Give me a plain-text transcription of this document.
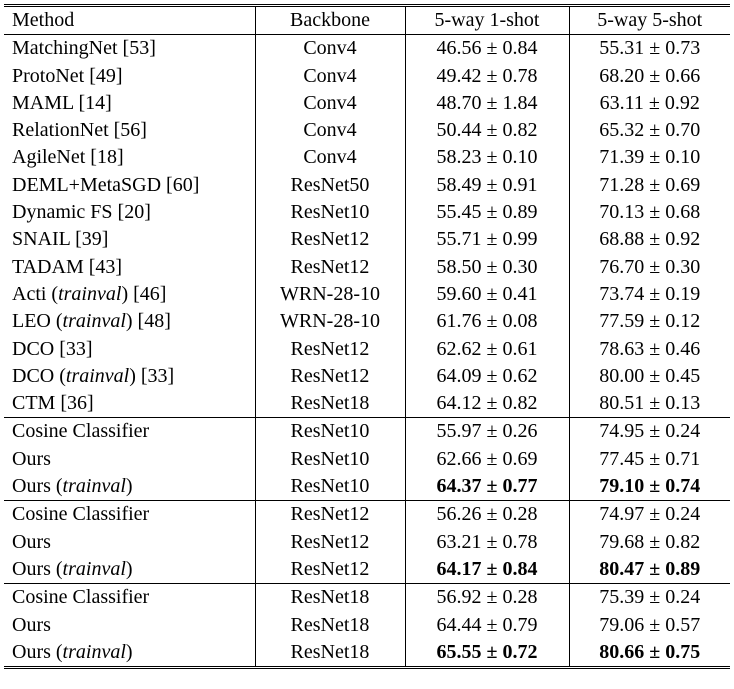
Method	Backbone	5-way 1-shot	5-way 5-shot
MatchingNet [53]	Conv4	46.56 ± 0.84	55.31 ± 0.73
ProtoNet [49]	Conv4	49.42 ± 0.78	68.20 ± 0.66
MAML [14]	Conv4	48.70 ± 1.84	63.11 ± 0.92
RelationNet [56]	Conv4	50.44 ± 0.82	65.32 ± 0.70
AgileNet [18]	Conv4	58.23 ± 0.10	71.39 ± 0.10
DEML+MetaSGD [60]	ResNet50	58.49 ± 0.91	71.28 ± 0.69
Dynamic FS [20]	ResNet10	55.45 ± 0.89	70.13 ± 0.68
SNAIL [39]	ResNet12	55.71 ± 0.99	68.88 ± 0.92
TADAM [43]	ResNet12	58.50 ± 0.30	76.70 ± 0.30
Acti (trainval) [46]	WRN-28-10	59.60 ± 0.41	73.74 ± 0.19
LEO (trainval) [48]	WRN-28-10	61.76 ± 0.08	77.59 ± 0.12
DCO [33]	ResNet12	62.62 ± 0.61	78.63 ± 0.46
DCO (trainval) [33]	ResNet12	64.09 ± 0.62	80.00 ± 0.45
CTM [36]	ResNet18	64.12 ± 0.82	80.51 ± 0.13
Cosine Classifier	ResNet10	55.97 ± 0.26	74.95 ± 0.24
Ours	ResNet10	62.66 ± 0.69	77.45 ± 0.71
Ours (trainval)	ResNet10	64.37 ± 0.77	79.10 ± 0.74
Cosine Classifier	ResNet12	56.26 ± 0.28	74.97 ± 0.24
Ours	ResNet12	63.21 ± 0.78	79.68 ± 0.82
Ours (trainval)	ResNet12	64.17 ± 0.84	80.47 ± 0.89
Cosine Classifier	ResNet18	56.92 ± 0.28	75.39 ± 0.24
Ours	ResNet18	64.44 ± 0.79	79.06 ± 0.57
Ours (trainval)	ResNet18	65.55 ± 0.72	80.66 ± 0.75
